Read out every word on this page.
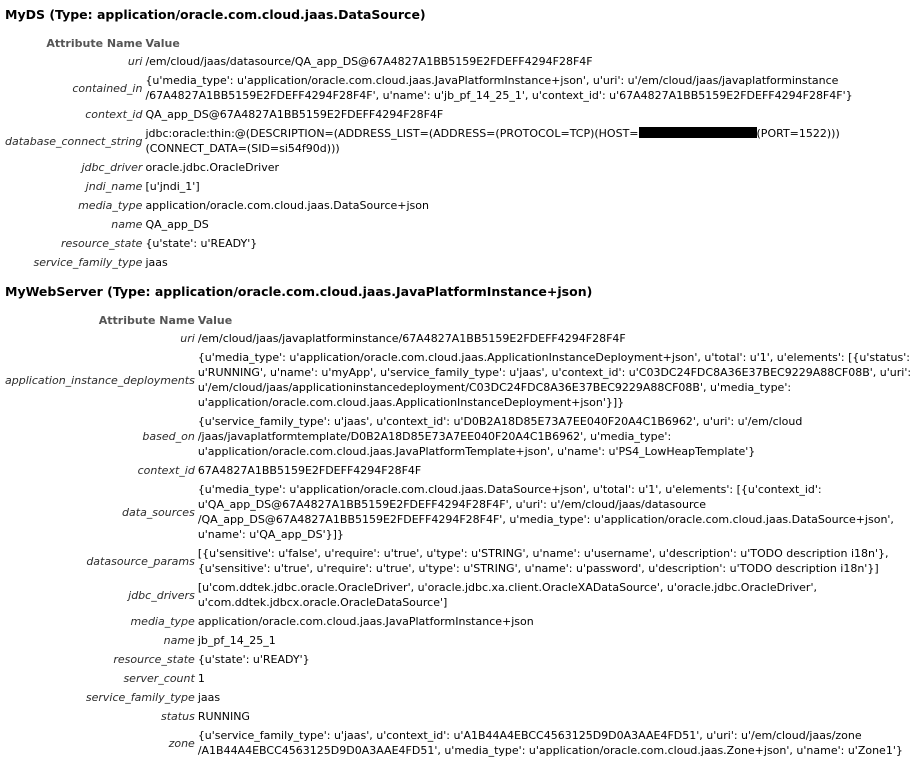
MyDS (Type: application/oracle.com.cloud.jaas.DataSource)
Attribute Name	Value
uri	/em/cloud/jaas/datasource/QA_app_DS@67A4827A1BB5159E2FDEFF4294F28F4F

contained_in	{u'media_type': u'application/oracle.com.cloud.jaas.JavaPlatformInstance+json', u'uri': u'/em/cloud/jaas/javaplatforminstance
/67A4827A1BB5159E2FDEFF4294F28F4F', u'name': u'jb_pf_14_25_1', u'context_id': u'67A4827A1BB5159E2FDEFF4294F28F4F'}

context_id	QA_app_DS@67A4827A1BB5159E2FDEFF4294F28F4F

database_connect_string	jdbc:oracle:thin:@(DESCRIPTION=(ADDRESS_LIST=(ADDRESS=(PROTOCOL=TCP)(HOST= (PORT=1522)))
(CONNECT_DATA=(SID=si54f90d)))

jdbc_driver	oracle.jdbc.OracleDriver

jndi_name	[u'jndi_1']

media_type	application/oracle.com.cloud.jaas.DataSource+json

name	QA_app_DS

resource_state	{u'state': u'READY'}

service_family_type	jaas
MyWebServer (Type: application/oracle.com.cloud.jaas.JavaPlatformInstance+json)
Attribute Name	Value
uri	/em/cloud/jaas/javaplatforminstance/67A4827A1BB5159E2FDEFF4294F28F4F

application_instance_deployments	{u'media_type': u'application/oracle.com.cloud.jaas.ApplicationInstanceDeployment+json', u'total': u'1', u'elements': [{u'status':
u'RUNNING', u'name': u'myApp', u'service_family_type': u'jaas', u'context_id': u'C03DC24FDC8A36E37BEC9229A88CF08B', u'uri':
u'/em/cloud/jaas/applicationinstancedeployment/C03DC24FDC8A36E37BEC9229A88CF08B', u'media_type':
u'application/oracle.com.cloud.jaas.ApplicationInstanceDeployment+json'}]}

based_on	{u'service_family_type': u'jaas', u'context_id': u'D0B2A18D85E73A7EE040F20A4C1B6962', u'uri': u'/em/cloud
/jaas/javaplatformtemplate/D0B2A18D85E73A7EE040F20A4C1B6962', u'media_type':
u'application/oracle.com.cloud.jaas.JavaPlatformTemplate+json', u'name': u'PS4_LowHeapTemplate'}

context_id	67A4827A1BB5159E2FDEFF4294F28F4F

data_sources	{u'media_type': u'application/oracle.com.cloud.jaas.DataSource+json', u'total': u'1', u'elements': [{u'context_id':
u'QA_app_DS@67A4827A1BB5159E2FDEFF4294F28F4F', u'uri': u'/em/cloud/jaas/datasource
/QA_app_DS@67A4827A1BB5159E2FDEFF4294F28F4F', u'media_type': u'application/oracle.com.cloud.jaas.DataSource+json',
u'name': u'QA_app_DS'}]}

datasource_params	[{u'sensitive': u'false', u'require': u'true', u'type': u'STRING', u'name': u'username', u'description': u'TODO description i18n'},
{u'sensitive': u'true', u'require': u'true', u'type': u'STRING', u'name': u'password', u'description': u'TODO description i18n'}]

jdbc_drivers	[u'com.ddtek.jdbc.oracle.OracleDriver', u'oracle.jdbc.xa.client.OracleXADataSource', u'oracle.jdbc.OracleDriver',
u'com.ddtek.jdbcx.oracle.OracleDataSource']

media_type	application/oracle.com.cloud.jaas.JavaPlatformInstance+json

name	jb_pf_14_25_1

resource_state	{u'state': u'READY'}

server_count	1

service_family_type	jaas

status	RUNNING

zone	{u'service_family_type': u'jaas', u'context_id': u'A1B44A4EBCC4563125D9D0A3AAE4FD51', u'uri': u'/em/cloud/jaas/zone
/A1B44A4EBCC4563125D9D0A3AAE4FD51', u'media_type': u'application/oracle.com.cloud.jaas.Zone+json', u'name': u'Zone1'}
